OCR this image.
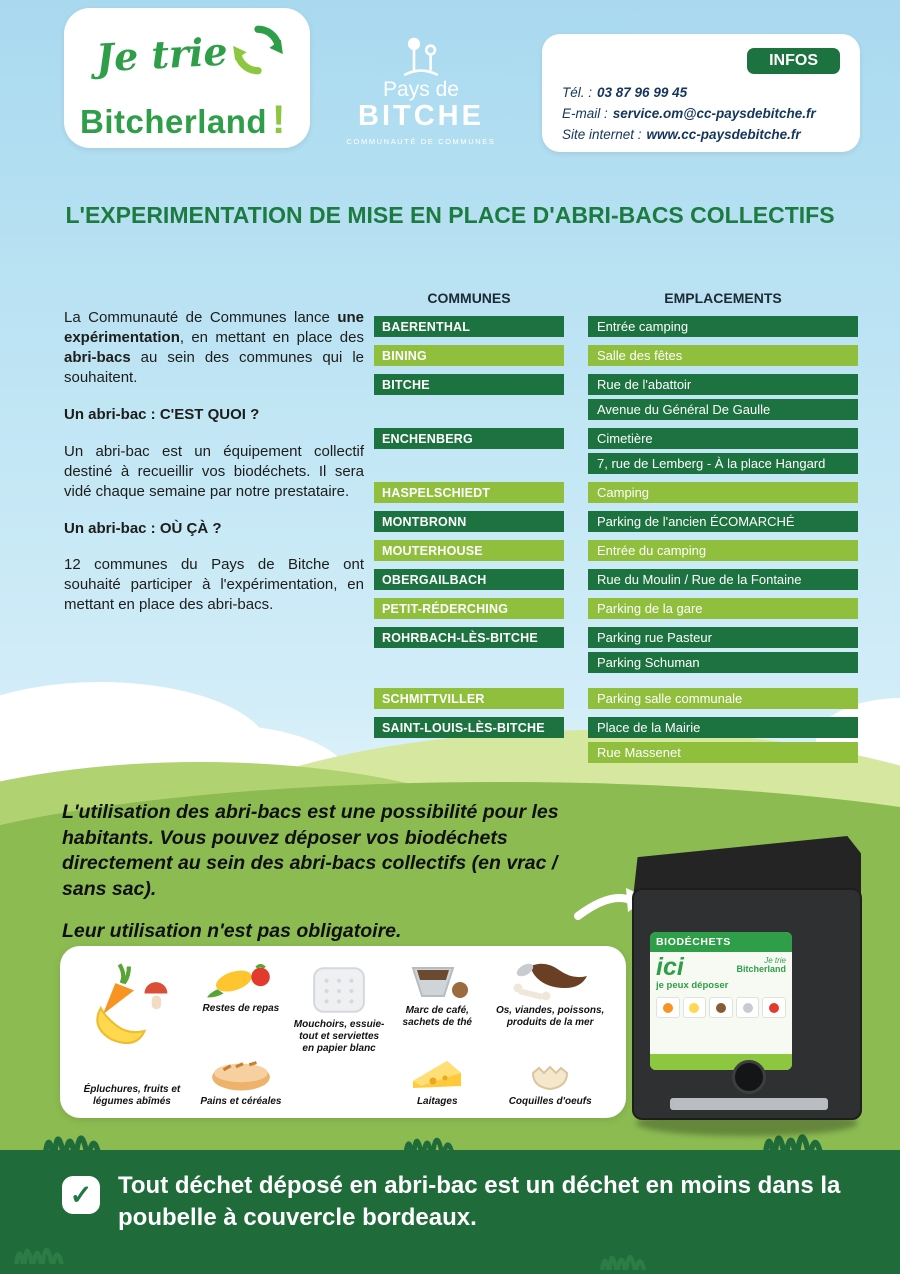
Je trie
Bitcherland !
Pays de
BITCHE
COMMUNAUTÉ DE COMMUNES
INFOS
Tél. : 03 87 96 99 45
E-mail : service.om@cc-paysdebitche.fr
Site internet : www.cc-paysdebitche.fr
L'EXPERIMENTATION DE MISE EN PLACE D'ABRI-BACS COLLECTIFS

La Communauté de Communes lance une expérimentation, en mettant en place des abri-bacs au sein des communes qui le souhaitent.

Un abri-bac : C'EST QUOI ?

Un abri-bac est un équipement collectif destiné à recueillir vos biodéchets. Il sera vidé chaque semaine par notre prestataire.

Un abri-bac : OÙ ÇÀ ?

12 communes du Pays de Bitche ont souhaité participer à l'expérimentation, en mettant en place des abri-bacs.

COMMUNES	EMPLACEMENTS
BAERENTHAL	Entrée camping
BINING	Salle des fêtes
BITCHE	Rue de l'abattoir
Avenue du Général De Gaulle
ENCHENBERG	Cimetière
7, rue de Lemberg - À la place Hangard
HASPELSCHIEDT	Camping
MONTBRONN	Parking de l'ancien ÉCOMARCHÉ
MOUTERHOUSE	Entrée du camping
OBERGAILBACH	Rue du Moulin / Rue de la Fontaine
PETIT-RÉDERCHING	Parking de la gare
ROHRBACH-LÈS-BITCHE	Parking rue Pasteur
Parking Schuman
SCHMITTVILLER	Parking salle communale
SAINT-LOUIS-LÈS-BITCHE	Place de la Mairie
Rue Massenet

L'utilisation des abri-bacs est une possibilité pour les habitants. Vous pouvez déposer vos biodéchets directement au sein des abri-bacs collectifs (en vrac / sans sac).

Leur utilisation n'est pas obligatoire.

BIODÉCHETS
ici
je peux déposer
Je trie
Bitcherland
Épluchures, fruits et légumes abîmés
Restes de repas
Pains et céréales
Mouchoirs, essuie-tout et serviettes en papier blanc
Marc de café, sachets de thé
Laitages
Os, viandes, poissons, produits de la mer
Coquilles d'oeufs
✓	Tout déchet déposé en abri-bac est un déchet en moins dans la poubelle à couvercle bordeaux.
